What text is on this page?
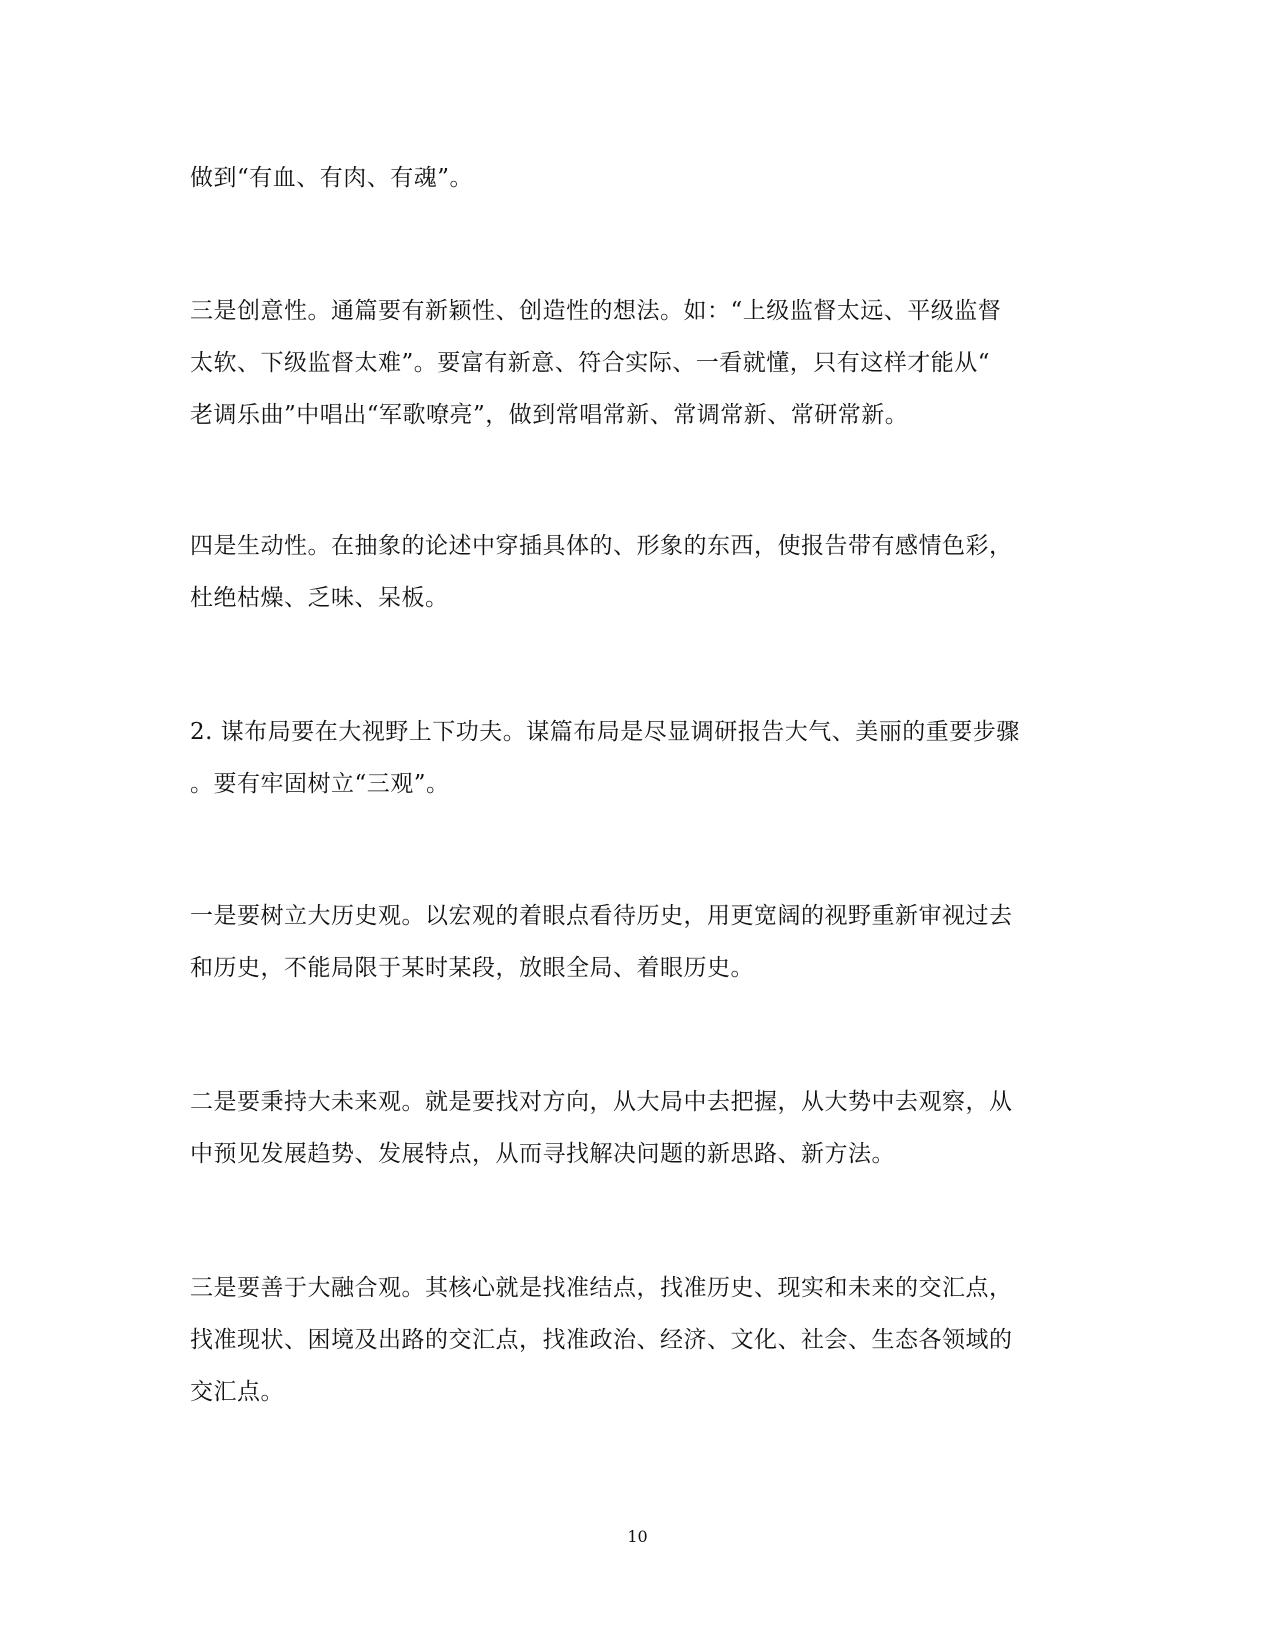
做到“有血、有肉、有魂”。
三是创意性。通篇要有新颖性、创造性的想法。如：“上级监督太远、平级监督
太软、下级监督太难”。要富有新意、符合实际、一看就懂，只有这样才能从“
老调乐曲”中唱出“军歌嘹亮”，做到常唱常新、常调常新、常研常新。
四是生动性。在抽象的论述中穿插具体的、形象的东西，使报告带有感情色彩，
杜绝枯燥、乏味、呆板。
2. 谋布局要在大视野上下功夫。谋篇布局是尽显调研报告大气、美丽的重要步骤
。要有牢固树立“三观”。
一是要树立大历史观。以宏观的着眼点看待历史，用更宽阔的视野重新审视过去
和历史，不能局限于某时某段，放眼全局、着眼历史。
二是要秉持大未来观。就是要找对方向，从大局中去把握，从大势中去观察，从
中预见发展趋势、发展特点，从而寻找解决问题的新思路、新方法。
三是要善于大融合观。其核心就是找准结点，找准历史、现实和未来的交汇点，
找准现状、困境及出路的交汇点，找准政治、经济、文化、社会、生态各领域的
交汇点。
10
